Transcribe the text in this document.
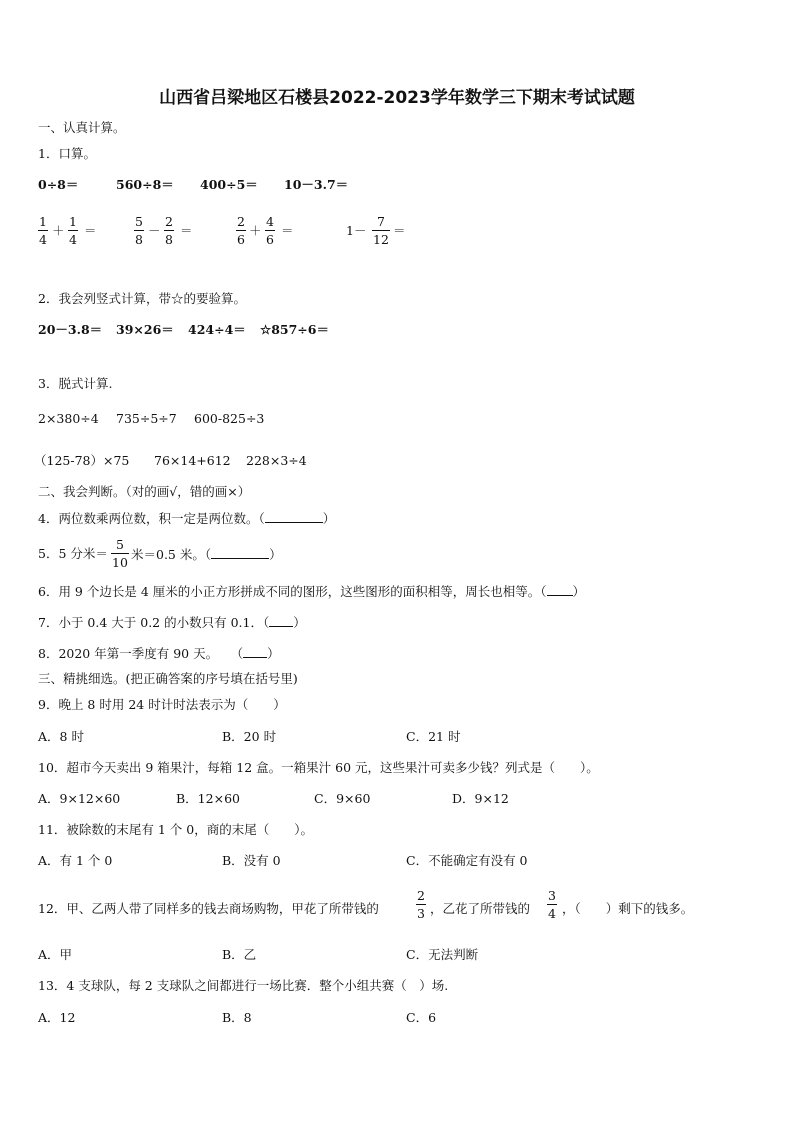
山西省吕梁地区石楼县2022-2023学年数学三下期末考试试题
一、认真计算。
1．口算。
0÷8＝	560÷8＝ 400÷5＝ 10－3.7＝
1
4
＋
1
4
＝
5
8
－
2
8
＝
2
6
＋
4
6
＝	1－
7
12
＝
2．我会列竖式计算，带☆的要验算。
20－3.8＝ 39×26＝ 424÷4＝ ☆857÷6＝
3．脱式计算.
2×380÷4 735÷5÷7 600-825÷3
（125-78）×75 76×14+612 228×3÷4
二、我会判断。（对的画√，错的画×）
4．两位数乘两位数，积一定是两位数。（	）
5．5 分米＝
5
10
米＝0.5 米。（	）
6．用 9 个边长是 4 厘米的小正方形拼成不同的图形，这些图形的面积相等，周长也相等。（ ）
7．小于 0.4 大于 0.2 的小数只有 0.1．（ ）
8．2020 年第一季度有 90 天。　　（ ）
三、精挑细选。(把正确答案的序号填在括号里)
9．晚上 8 时用 24 时计时法表示为（　　）
A．8 时	B．20 时	C．21 时
10．超市今天卖出 9 箱果汁，每箱 12 盒。一箱果汁 60 元，这些果汁可卖多少钱？列式是（　　）。
A．9×12×60	B．12×60	C．9×60	D．9×12
11．被除数的末尾有 1 个 0，商的末尾（　　）。
A．有 1 个 0	B．没有 0	C．不能确定有没有 0
12．甲、乙两人带了同样多的钱去商场购物，甲花了所带钱的
2
3 ，乙花了所带钱的
3
4 ，（　　）剩下的钱多。
A．甲	B．乙	C．无法判断
13．4 支球队，每 2 支球队之间都进行一场比赛．整个小组共赛（　）场.
A．12	B．8	C．6
